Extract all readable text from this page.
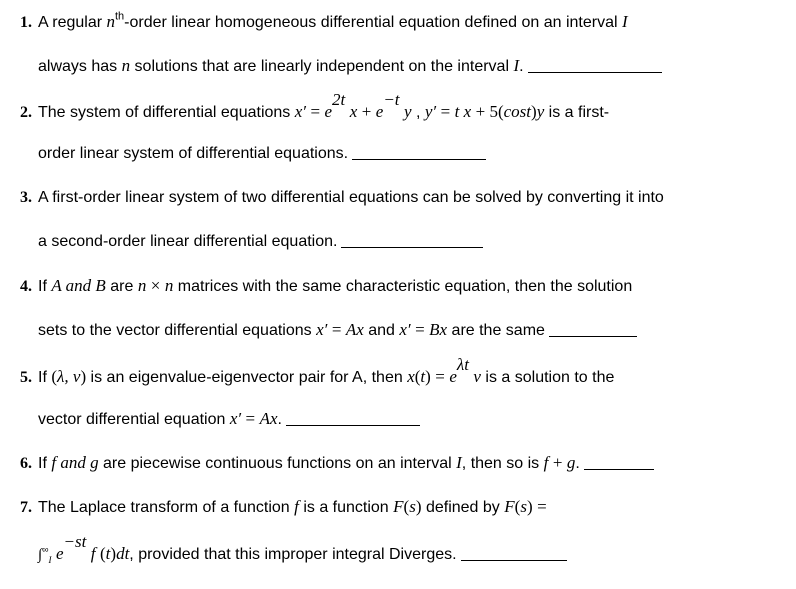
1. A regular $n^{th}$-order linear homogeneous differential equation defined on an interval I
always has n solutions that are linearly independent on the interval I.
2. The system of differential equations $x' = e^{2t}$ $x + e^{-t}$ y , y′ = t x + 5(cost)y is a first-
order linear system of differential equations.
3. A first-order linear system of two differential equations can be solved by converting it into
a second-order linear differential equation.
4. If A and B are n × n matrices with the same characteristic equation, then the solution
sets to the vector differential equations x′ = Ax and x′ = Bx are the same
5. If (λ, v) is an eigenvalue-eigenvector pair for A, then $x(t) = e^{\lambda t}$ v is a solution to the
vector differential equation x′ = Ax.
6. If f and g are piecewise continuous functions on an interval I, then so is f + g.
7. The Laplace transform of a function f is a function F(s) defined by F(s) =
$\int^\infty_I$ $e^{-st}$ f (t)dt, provided that this improper integral Diverges.
